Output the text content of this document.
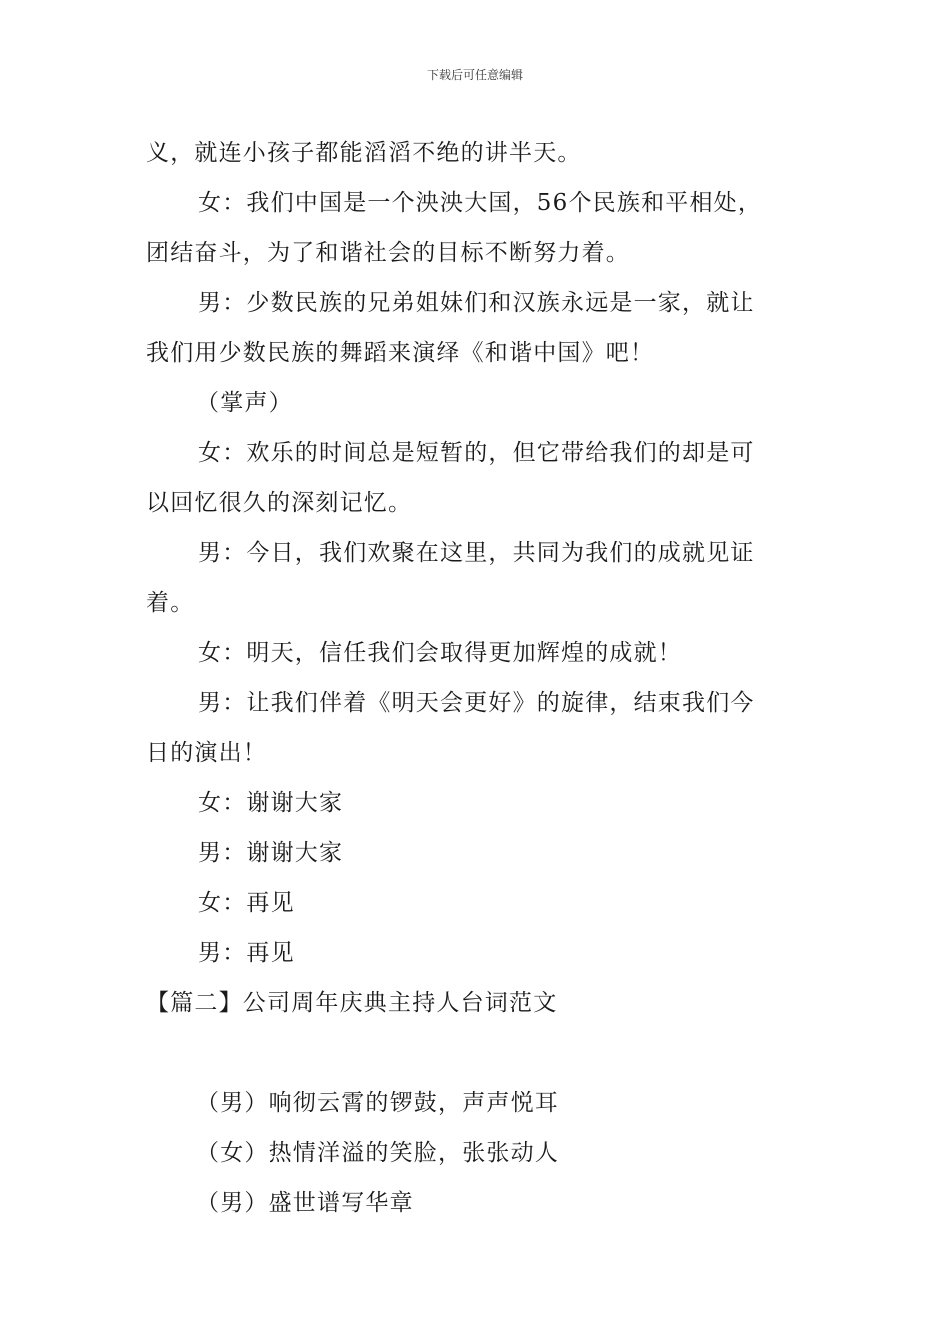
下载后可任意编辑
义，就连小孩子都能滔滔不绝的讲半天。
女：我们中国是一个泱泱大国，56个民族和平相处，
团结奋斗，为了和谐社会的目标不断努力着。
男：少数民族的兄弟姐妹们和汉族永远是一家，就让
我们用少数民族的舞蹈来演绎《和谐中国》吧！
（掌声）
女：欢乐的时间总是短暂的，但它带给我们的却是可
以回忆很久的深刻记忆。
男：今日，我们欢聚在这里，共同为我们的成就见证
着。
女：明天，信任我们会取得更加辉煌的成就！
男：让我们伴着《明天会更好》的旋律，结束我们今
日的演出！
女：谢谢大家
男：谢谢大家
女：再见
男：再见
【篇二】公司周年庆典主持人台词范文
（男）响彻云霄的锣鼓，声声悦耳
（女）热情洋溢的笑脸，张张动人
（男）盛世谱写华章
